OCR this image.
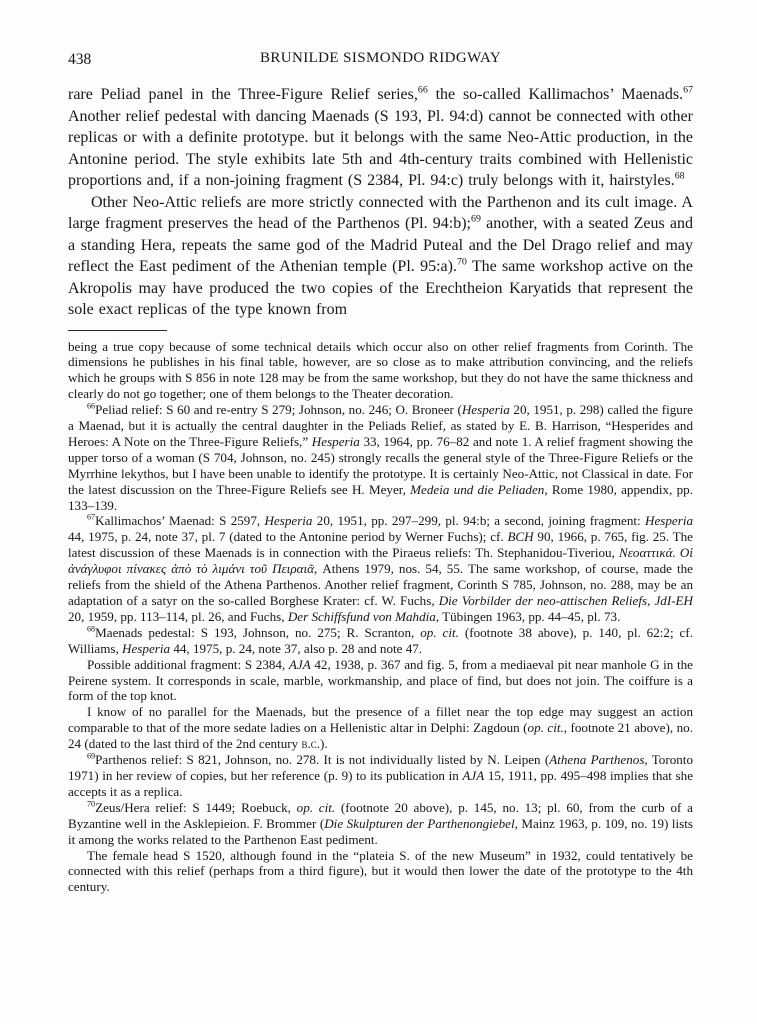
438	BRUNILDE SISMONDO RIDGWAY

rare Peliad panel in the Three-Figure Relief series,$^{66}$ the so-called Kallimachos’ Maenads.$^{67}$ Another relief pedestal with dancing Maenads (S 193, Pl. 94:d) cannot be connected with other replicas or with a definite prototype. but it belongs with the same Neo-Attic production, in the Antonine period. The style exhibits late 5th and 4th-century traits combined with Hellenistic proportions and, if a non-joining fragment (S 2384, Pl. 94:c) truly belongs with it, hairstyles.$^{68}$

Other Neo-Attic reliefs are more strictly connected with the Parthenon and its cult image. A large fragment preserves the head of the Parthenos (Pl. 94:b);$^{69}$ another, with a seated Zeus and a standing Hera, repeats the same god of the Madrid Puteal and the Del Drago relief and may reflect the East pediment of the Athenian temple (Pl. 95:a).$^{70}$ The same workshop active on the Akropolis may have produced the two copies of the Erechtheion Karyatids that represent the sole exact replicas of the type known from

being a true copy because of some technical details which occur also on other relief fragments from Corinth. The dimensions he publishes in his final table, however, are so close as to make attribution convincing, and the reliefs which he groups with S 856 in note 128 may be from the same workshop, but they do not have the same thickness and clearly do not go together; one of them belongs to the Theater decoration.

$^{66}$Peliad relief: S 60 and re-entry S 279; Johnson, no. 246; O. Broneer (Hesperia 20, 1951, p. 298) called the figure a Maenad, but it is actually the central daughter in the Peliads Relief, as stated by E. B. Harrison, “Hesperides and Heroes: A Note on the Three-Figure Reliefs,” Hesperia 33, 1964, pp. 76–82 and note 1. A relief fragment showing the upper torso of a woman (S 704, Johnson, no. 245) strongly recalls the general style of the Three-Figure Reliefs or the Myrrhine lekythos, but I have been unable to identify the prototype. It is certainly Neo-Attic, not Classical in date. For the latest discussion on the Three-Figure Reliefs see H. Meyer, Medeia und die Peliaden, Rome 1980, appendix, pp. 133–139.

$^{67}$Kallimachos’ Maenad: S 2597, Hesperia 20, 1951, pp. 297–299, pl. 94:b; a second, joining fragment: Hesperia 44, 1975, p. 24, note 37, pl. 7 (dated to the Antonine period by Werner Fuchs); cf. BCH 90, 1966, p. 765, fig. 25. The latest discussion of these Maenads is in connection with the Piraeus reliefs: Th. Stephanidou-Tiveriou, Νεοαττικά. Οἱ ἀνάγλυφοι πίνακες ἀπὸ τὸ λιμάνι τοῦ Πειραιᾶ, Athens 1979, nos. 54, 55. The same workshop, of course, made the reliefs from the shield of the Athena Parthenos. Another relief fragment, Corinth S 785, Johnson, no. 288, may be an adaptation of a satyr on the so-called Borghese Krater: cf. W. Fuchs, Die Vorbilder der neo-attischen Reliefs, JdI-EH 20, 1959, pp. 113–114, pl. 26, and Fuchs, Der Schiffsfund von Mahdia, Tübingen 1963, pp. 44–45, pl. 73.

$^{68}$Maenads pedestal: S 193, Johnson, no. 275; R. Scranton, op. cit. (footnote 38 above), p. 140, pl. 62:2; cf. Williams, Hesperia 44, 1975, p. 24, note 37, also p. 28 and note 47.

Possible additional fragment: S 2384, AJA 42, 1938, p. 367 and fig. 5, from a mediaeval pit near manhole G in the Peirene system. It corresponds in scale, marble, workmanship, and place of find, but does not join. The coiffure is a form of the top knot.

I know of no parallel for the Maenads, but the presence of a fillet near the top edge may suggest an action comparable to that of the more sedate ladies on a Hellenistic altar in Delphi: Zagdoun (op. cit., footnote 21 above), no. 24 (dated to the last third of the 2nd century b.c.).

$^{69}$Parthenos relief: S 821, Johnson, no. 278. It is not individually listed by N. Leipen (Athena Parthenos, Toronto 1971) in her review of copies, but her reference (p. 9) to its publication in AJA 15, 1911, pp. 495–498 implies that she accepts it as a replica.

$^{70}$Zeus/Hera relief: S 1449; Roebuck, op. cit. (footnote 20 above), p. 145, no. 13; pl. 60, from the curb of a Byzantine well in the Asklepieion. F. Brommer (Die Skulpturen der Parthenongiebel, Mainz 1963, p. 109, no. 19) lists it among the works related to the Parthenon East pediment.

The female head S 1520, although found in the “plateia S. of the new Museum” in 1932, could tentatively be connected with this relief (perhaps from a third figure), but it would then lower the date of the prototype to the 4th century.
